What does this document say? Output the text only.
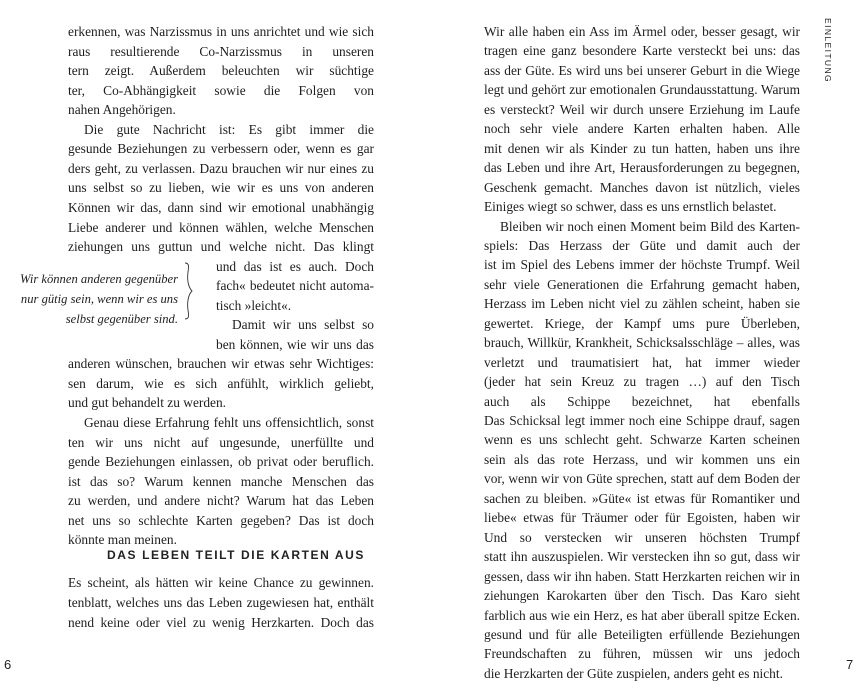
erkennen, was Narzissmus in uns anrichtet und wie sich
raus resultierende Co-Narzissmus in unseren
tern zeigt. Außerdem beleuchten wir süchtige
ter, Co-Abhängigkeit sowie die Folgen von
nahen Angehörigen.
Die gute Nachricht ist: Es gibt immer die
gesunde Beziehungen zu verbessern oder, wenn es gar
ders geht, zu verlassen. Dazu brauchen wir nur eines zu
uns selbst so zu lieben, wie wir es uns von anderen
Können wir das, dann sind wir emotional unabhängig
Liebe anderer und können wählen, welche Menschen
ziehungen uns guttun und welche nicht. Das klingt
und das ist es auch. Doch
fach« bedeutet nicht automa-
tisch »leicht«.
Damit wir uns selbst so
ben können, wie wir uns das
anderen wünschen, brauchen wir etwas sehr Wichtiges:
sen darum, wie es sich anfühlt, wirklich geliebt,
und gut behandelt zu werden.
Genau diese Erfahrung fehlt uns offensichtlich, sonst
ten wir uns nicht auf ungesunde, unerfüllte und
gende Beziehungen einlassen, ob privat oder beruflich.
ist das so? Warum kennen manche Menschen das
zu werden, und andere nicht? Warum hat das Leben
net uns so schlechte Karten gegeben? Das ist doch
könnte man meinen.
Wir können anderen gegenüber
nur gütig sein, wenn wir es uns
selbst gegenüber sind.
DAS LEBEN TEILT DIE KARTEN AUS
Es scheint, als hätten wir keine Chance zu gewinnen.
tenblatt, welches uns das Leben zugewiesen hat, enthält
nend keine oder viel zu wenig Herzkarten. Doch das
6
Wir alle haben ein Ass im Ärmel oder, besser gesagt, wir
tragen eine ganz besondere Karte versteckt bei uns: das
ass der Güte. Es wird uns bei unserer Geburt in die Wiege
legt und gehört zur emotionalen Grundausstattung. Warum
es versteckt? Weil wir durch unsere Erziehung im Laufe
noch sehr viele andere Karten erhalten haben. Alle
mit denen wir als Kinder zu tun hatten, haben uns ihre
das Leben und ihre Art, Herausforderungen zu begegnen,
Geschenk gemacht. Manches davon ist nützlich, vieles
Einiges wiegt so schwer, dass es uns ernstlich belastet.
Bleiben wir noch einen Moment beim Bild des Karten-
spiels: Das Herzass der Güte und damit auch der
ist im Spiel des Lebens immer der höchste Trumpf. Weil
sehr viele Generationen die Erfahrung gemacht haben,
Herzass im Leben nicht viel zu zählen scheint, haben sie
gewertet. Kriege, der Kampf ums pure Überleben,
brauch, Willkür, Krankheit, Schicksalsschläge – alles, was
verletzt und traumatisiert hat, hat immer wieder
(jeder hat sein Kreuz zu tragen …) auf den Tisch
auch als Schippe bezeichnet, hat ebenfalls
Das Schicksal legt immer noch eine Schippe drauf, sagen
wenn es uns schlecht geht. Schwarze Karten scheinen
sein als das rote Herzass, und wir kommen uns ein
vor, wenn wir von Güte sprechen, statt auf dem Boden der
sachen zu bleiben. »Güte« ist etwas für Romantiker und
liebe« etwas für Träumer oder für Egoisten, haben wir
Und so verstecken wir unseren höchsten Trumpf
statt ihn auszuspielen. Wir verstecken ihn so gut, dass wir
gessen, dass wir ihn haben. Statt Herzkarten reichen wir in
ziehungen Karokarten über den Tisch. Das Karo sieht
farblich aus wie ein Herz, es hat aber überall spitze Ecken.
gesund und für alle Beteiligten erfüllende Beziehungen
Freundschaften zu führen, müssen wir uns jedoch
die Herzkarten der Güte zuspielen, anders geht es nicht.
7
EINLEITUNG
